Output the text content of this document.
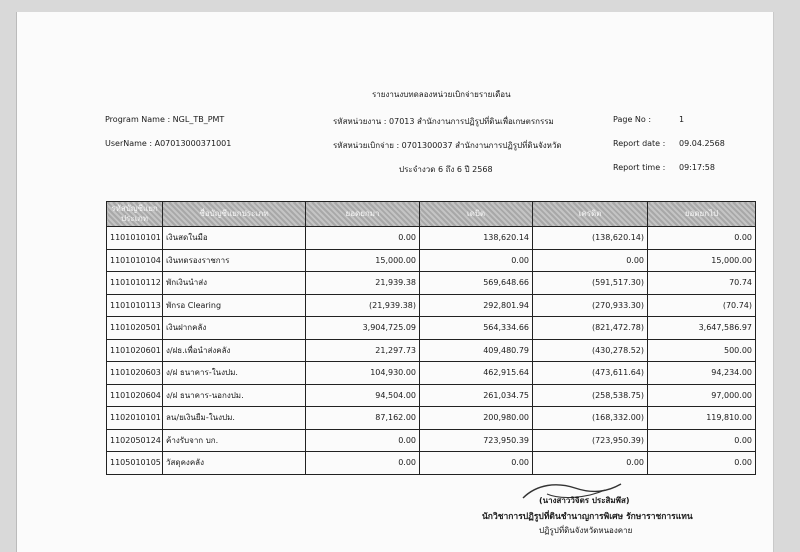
รายงานงบทดลองหน่วยเบิกจ่ายรายเดือน
Program Name : NGL_TB_PMT
UserName : A07013000371001
รหัสหน่วยงาน : 07013 สำนักงานการปฏิรูปที่ดินเพื่อเกษตรกรรม
รหัสหน่วยเบิกจ่าย : 0701300037 สำนักงานการปฏิรูปที่ดินจังหวัด
ประจำงวด 6 ถึง 6 ปี 2568
Page No :	1
Report date : 09.04.2568
Report time : 09:17:58
รหัสบัญชีแยกประเภท	ชื่อบัญชีแยกประเภท	ยอดยกมา	เดบิต	เครดิต	ยอดยกไป
1101010101	เงินสดในมือ	0.00	138,620.14	(138,620.14)	0.00
1101010104	เงินทดรองราชการ	15,000.00	0.00	0.00	15,000.00
1101010112	พักเงินนำส่ง	21,939.38	569,648.66	(591,517.30)	70.74
1101010113	พักรอ Clearing	(21,939.38)	292,801.94	(270,933.30)	(70.74)
1101020501	เงินฝากคลัง	3,904,725.09	564,334.66	(821,472.78)	3,647,586.97
1101020601	ง/ฝธ.เพื่อนำส่งคลัง	21,297.73	409,480.79	(430,278.52)	500.00
1101020603	ง/ฝ ธนาคาร-ในงปม.	104,930.00	462,915.64	(473,611.64)	94,234.00
1101020604	ง/ฝ ธนาคาร-นอกงปม.	94,504.00	261,034.75	(258,538.75)	97,000.00
1102010101	ลน/ยเงินยืม-ในงปม.	87,162.00	200,980.00	(168,332.00)	119,810.00
1102050124	ค้างรับจาก บก.	0.00	723,950.39	(723,950.39)	0.00
1105010105	วัสดุคงคลัง	0.00	0.00	0.00	0.00
(นางสาววิจิตร ประสิมพึส)
นักวิชาการปฏิรูปที่ดินชำนาญการพิเศษ รักษาราชการแทน
ปฏิรูปที่ดินจังหวัดหนองคาย
